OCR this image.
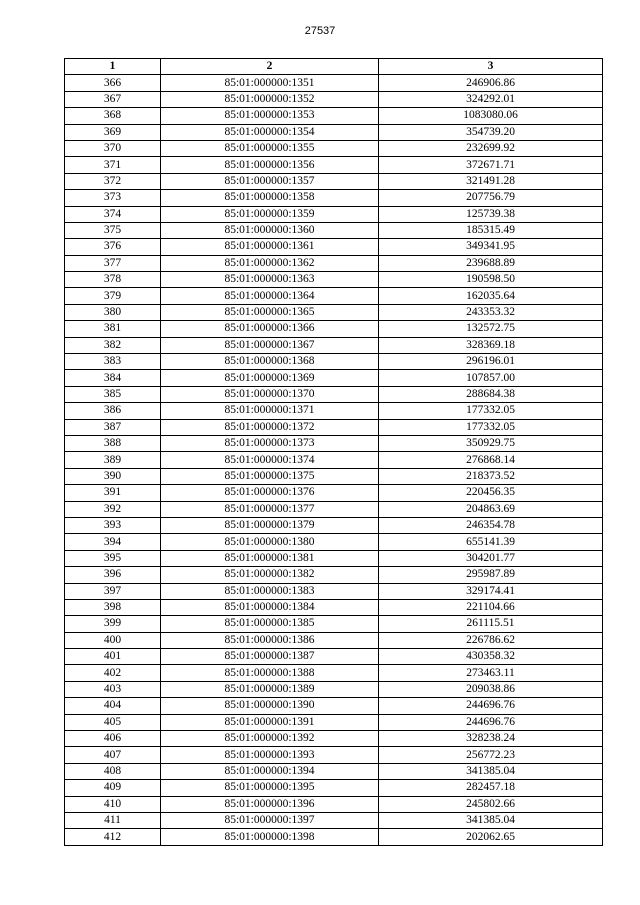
27537
1	2	3
366	85:01:000000:1351	246906.86
367	85:01:000000:1352	324292.01
368	85:01:000000:1353	1083080.06
369	85:01:000000:1354	354739.20
370	85:01:000000:1355	232699.92
371	85:01:000000:1356	372671.71
372	85:01:000000:1357	321491.28
373	85:01:000000:1358	207756.79
374	85:01:000000:1359	125739.38
375	85:01:000000:1360	185315.49
376	85:01:000000:1361	349341.95
377	85:01:000000:1362	239688.89
378	85:01:000000:1363	190598.50
379	85:01:000000:1364	162035.64
380	85:01:000000:1365	243353.32
381	85:01:000000:1366	132572.75
382	85:01:000000:1367	328369.18
383	85:01:000000:1368	296196.01
384	85:01:000000:1369	107857.00
385	85:01:000000:1370	288684.38
386	85:01:000000:1371	177332.05
387	85:01:000000:1372	177332.05
388	85:01:000000:1373	350929.75
389	85:01:000000:1374	276868.14
390	85:01:000000:1375	218373.52
391	85:01:000000:1376	220456.35
392	85:01:000000:1377	204863.69
393	85:01:000000:1379	246354.78
394	85:01:000000:1380	655141.39
395	85:01:000000:1381	304201.77
396	85:01:000000:1382	295987.89
397	85:01:000000:1383	329174.41
398	85:01:000000:1384	221104.66
399	85:01:000000:1385	261115.51
400	85:01:000000:1386	226786.62
401	85:01:000000:1387	430358.32
402	85:01:000000:1388	273463.11
403	85:01:000000:1389	209038.86
404	85:01:000000:1390	244696.76
405	85:01:000000:1391	244696.76
406	85:01:000000:1392	328238.24
407	85:01:000000:1393	256772.23
408	85:01:000000:1394	341385.04
409	85:01:000000:1395	282457.18
410	85:01:000000:1396	245802.66
411	85:01:000000:1397	341385.04
412	85:01:000000:1398	202062.65
